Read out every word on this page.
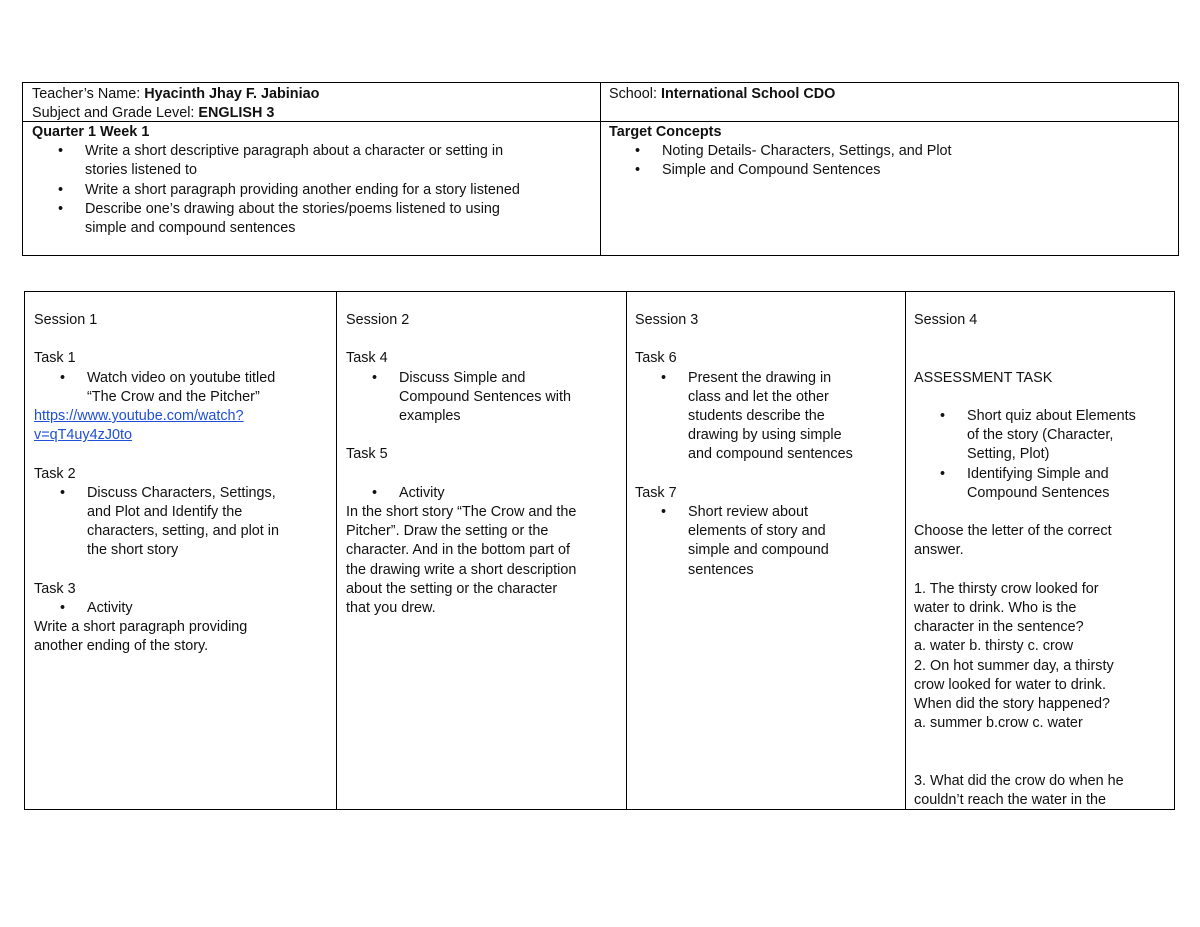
Teacher’s Name: Hyacinth Jhay F. Jabiniao
Subject and Grade Level: ENGLISH 3
School: International School CDO
Quarter 1 Week 1
• Write a short descriptive paragraph about a character or setting in
stories listened to
• Write a short paragraph providing another ending for a story listened
• Describe one’s drawing about the stories/poems listened to using
simple and compound sentences
Target Concepts
• Noting Details- Characters, Settings, and Plot
• Simple and Compound Sentences
Session 1
Task 1
• Watch video on youtube titled
“The Crow and the Pitcher”
https://www.youtube.com/watch?
v=qT4uy4zJ0to
Task 2
• Discuss Characters, Settings,
and Plot and Identify the
characters, setting, and plot in
the short story
Task 3
• Activity
Write a short paragraph providing
another ending of the story.
Session 2
Task 4
• Discuss Simple and
Compound Sentences with
examples
Task 5
• Activity
In the short story “The Crow and the
Pitcher”. Draw the setting or the
character. And in the bottom part of
the drawing write a short description
about the setting or the character
that you drew.
Session 3
Task 6
• Present the drawing in
class and let the other
students describe the
drawing by using simple
and compound sentences
Task 7
• Short review about
elements of story and
simple and compound
sentences
Session 4
ASSESSMENT TASK
• Short quiz about Elements
of the story (Character,
Setting, Plot)
• Identifying Simple and
Compound Sentences
Choose the letter of the correct
answer.
1. The thirsty crow looked for
water to drink. Who is the
character in the sentence?
a. water b. thirsty c. crow
2. On hot summer day, a thirsty
crow looked for water to drink.
When did the story happened?
a. summer b.crow c. water
3. What did the crow do when he
couldn’t reach the water in the
